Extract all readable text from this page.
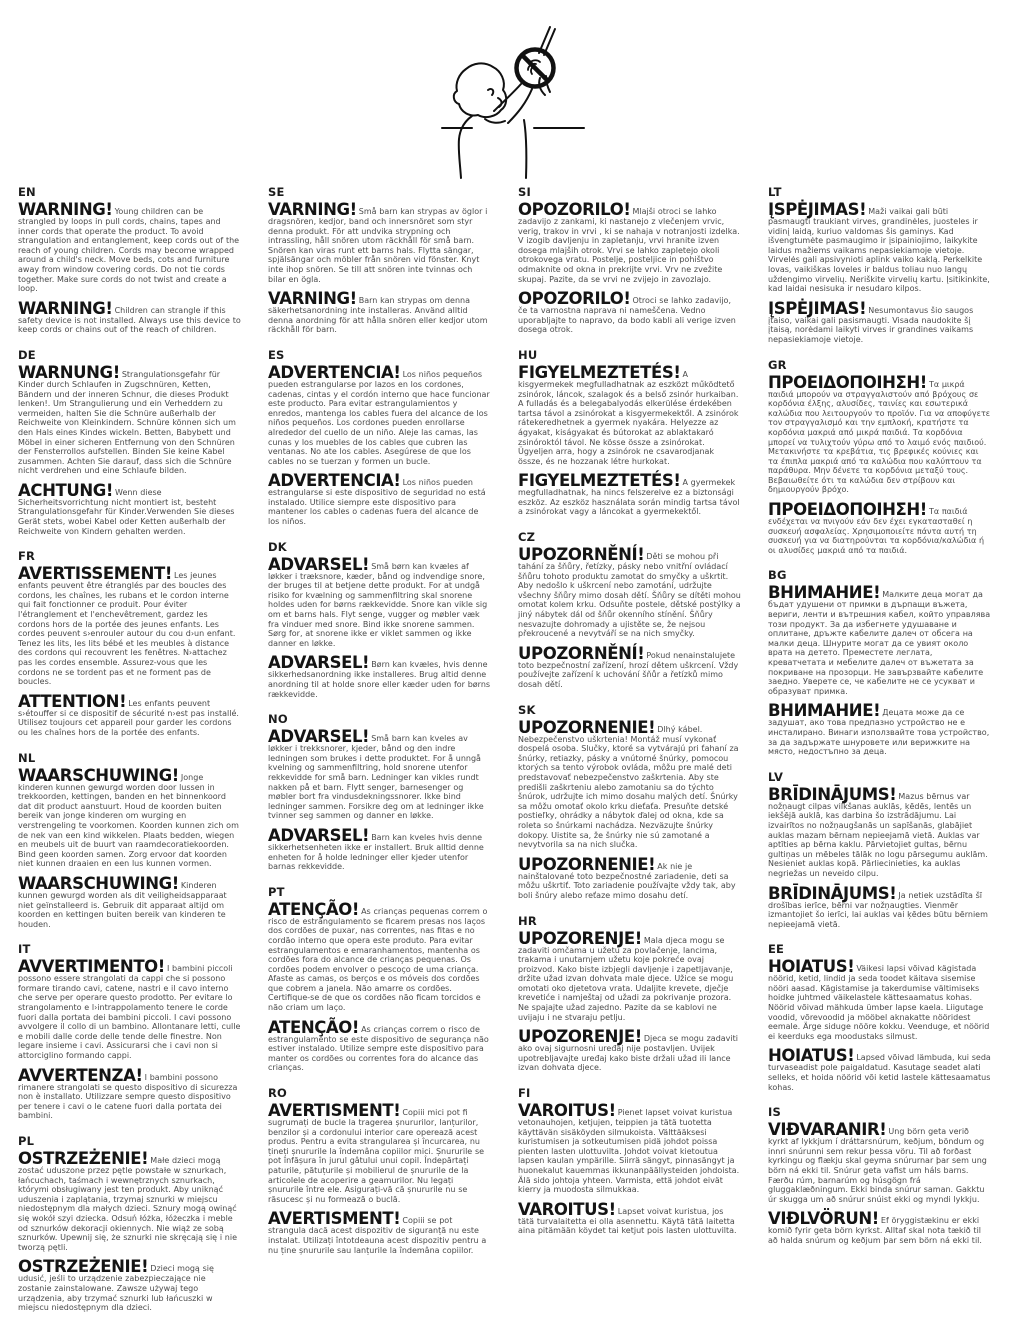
EN

WARNING! Young children can be strangled by loops in pull cords, chains, tapes and inner cords that operate the product. To avoid strangulation and entanglement, keep cords out of the reach of young children. Cords may become wrapped around a child's neck. Move beds, cots and furniture away from window covering cords. Do not tie cords together. Make sure cords do not twist and create a loop.

WARNING! Children can strangle if this safety device is not installed. Always use this device to keep cords or chains out of the reach of children.

DE

WARNUNG! Strangulationsgefahr für Kinder durch Schlaufen in Zugschnüren, Ketten, Bändern und der inneren Schnur, die dieses Produkt lenken!. Um Strangulierung und ein Verheddern zu vermeiden, halten Sie die Schnüre außerhalb der Reichweite von Kleinkindern. Schnüre können sich um den Hals eines Kindes wickeln. Betten, Babybett und Möbel in einer sicheren Entfernung von den Schnüren der Fensterrollos aufstellen. Binden Sie keine Kabel zusammen. Achten Sie darauf, dass sich die Schnüre nicht verdrehen und eine Schlaufe bilden.

ACHTUNG! Wenn diese Sicherheitsvorrichtung nicht montiert ist, besteht Strangulationsgefahr für Kinder.Verwenden Sie dieses Gerät stets, wobei Kabel oder Ketten außerhalb der Reichweite von Kindern gehalten werden.

FR

AVERTISSEMENT! Les jeunes enfants peuvent être étranglés par des boucles des cordons, les chaînes, les rubans et le cordon interne qui fait fonctionner ce produit. Pour éviter l'étranglement et l'enchevêtrement, gardez les cordons hors de la portée des jeunes enfants. Les cordes peuvent s›enrouler autour du cou d›un enfant. Tenez les lits, les lits bébé et les meubles à distance des cordons qui recouvrent les fenêtres. N›attachez pas les cordes ensemble. Assurez-vous que les cordons ne se tordent pas et ne forment pas de boucles.

ATTENTION! Les enfants peuvent s›étouffer si ce dispositif de sécurité n›est pas installé. Utilisez toujours cet appareil pour garder les cordons ou les chaînes hors de la portée des enfants.

NL

WAARSCHUWING! Jonge kinderen kunnen gewurgd worden door lussen in trekkoorden, kettingen, banden en het binnenkoord dat dit product aanstuurt. Houd de koorden buiten bereik van jonge kinderen om wurging en verstrengeling te voorkomen. Koorden kunnen zich om de nek van een kind wikkelen. Plaats bedden, wiegen en meubels uit de buurt van raamdecoratiekoorden. Bind geen koorden samen. Zorg ervoor dat koorden niet kunnen draaien en een lus kunnen vormen.

WAARSCHUWING! Kinderen kunnen gewurgd worden als dit veiligheidsapparaat niet geïnstalleerd is. Gebruik dit apparaat altijd om koorden en kettingen buiten bereik van kinderen te houden.

IT

AVVERTIMENTO! I bambini piccoli possono essere strangolati da cappi che si possono formare tirando cavi, catene, nastri e il cavo interno che serve per operare questo prodotto. Per evitare lo strangolamento e l›intrappolamento tenere le corde fuori dalla portata dei bambini piccoli. I cavi possono avvolgere il collo di un bambino. Allontanare letti, culle e mobili dalle corde delle tende delle finestre. Non legare insieme i cavi. Assicurarsi che i cavi non si attorciglino formando cappi.

AVVERTENZA! I bambini possono rimanere strangolati se questo dispositivo di sicurezza non è installato. Utilizzare sempre questo dispositivo per tenere i cavi o le catene fuori dalla portata dei bambini.

PL

OSTRZEŻENIE! Małe dzieci mogą zostać uduszone przez pętle powstałe w sznurkach, łańcuchach, taśmach i wewnętrznych sznurkach, którymi obsługiwany jest ten produkt. Aby uniknąć uduszenia i zaplątania, trzymaj sznurki w miejscu niedostępnym dla małych dzieci. Sznury mogą owinąć się wokół szyi dziecka. Odsuń łóżka, łóżeczka i meble od sznurków dekoracji okiennych. Nie wiąż ze sobą sznurków. Upewnij się, że sznurki nie skręcają się i nie tworzą pętli.

OSTRZEŻENIE! Dzieci mogą się udusić, jeśli to urządzenie zabezpieczające nie zostanie zainstalowane. Zawsze używaj tego urządzenia, aby trzymać sznurki lub łańcuszki w miejscu niedostępnym dla dzieci.

SE

VARNING! Små barn kan strypas av öglor i dragsnören, kedjor, band och innersnöret som styr denna produkt. För att undvika strypning och intrassling, håll snören utom räckhåll för små barn. Snören kan viras runt ett barns hals. Flytta sängar, spjälsängar och möbler från snören vid fönster. Knyt inte ihop snören. Se till att snören inte tvinnas och bilar en ögla.

VARNING! Barn kan strypas om denna säkerhetsanordning inte installeras. Använd alltid denna anordning för att hålla snören eller kedjor utom räckhåll för barn.

ES

ADVERTENCIA! Los niños pequeños pueden estrangularse por lazos en los cordones, cadenas, cintas y el cordón interno que hace funcionar este producto. Para evitar estrangulamientos y enredos, mantenga los cables fuera del alcance de los niños pequeños. Los cordones pueden enrollarse alrededor del cuello de un niño. Aleje las camas, las cunas y los muebles de los cables que cubren las ventanas. No ate los cables. Asegúrese de que los cables no se tuerzan y formen un bucle.

ADVERTENCIA! Los niños pueden estrangularse si este dispositivo de seguridad no está instalado. Utilice siempre este dispositivo para mantener los cables o cadenas fuera del alcance de los niños.

DK

ADVARSEL! Små børn kan kvæles af løkker i træksnore, kæder, bånd og indvendige snore, der bruges til at betjene dette produkt. For at undgå risiko for kvælning og sammenfiltring skal snorene holdes uden for børns rækkevidde. Snore kan vikle sig om et barns hals. Flyt senge, vugger og møbler væk fra vinduer med snore. Bind ikke snorene sammen. Sørg for, at snorene ikke er viklet sammen og ikke danner en løkke.

ADVARSEL! Børn kan kvæles, hvis denne sikkerhedsanordning ikke installeres. Brug altid denne anordning til at holde snore eller kæder uden for børns rækkevidde.

NO

ADVARSEL! Små barn kan kveles av løkker i trekksnorer, kjeder, bånd og den indre ledningen som brukes i dette produktet. For å unngå kvelning og sammenfiltring, hold snorene utenfor rekkevidde for små barn. Ledninger kan vikles rundt nakken på et barn. Flytt senger, barnesenger og møbler bort fra vindusdekningssnorer. Ikke bind ledninger sammen. Forsikre deg om at ledninger ikke tvinner seg sammen og danner en løkke.

ADVARSEL! Barn kan kveles hvis denne sikkerhetsenheten ikke er installert. Bruk alltid denne enheten for å holde ledninger eller kjeder utenfor barnas rekkevidde.

PT

ATENÇÃO! As crianças pequenas correm o risco de estrangulamento se ficarem presas nos laços dos cordões de puxar, nas correntes, nas fitas e no cordão interno que opera este produto. Para evitar estrangulamentos e emaranhamentos, mantenha os cordões fora do alcance de crianças pequenas. Os cordões podem envolver o pescoço de uma criança. Afaste as camas, os berços e os móveis dos cordões que cobrem a janela. Não amarre os cordões. Certifique-se de que os cordões não ficam torcidos e não criam um laço.

ATENÇÃO! As crianças correm o risco de estrangulamento se este dispositivo de segurança não estiver instalado. Utilize sempre este dispositivo para manter os cordões ou correntes fora do alcance das crianças.

RO

AVERTISMENT! Copiii mici pot fi sugrumați de bucle la tragerea șnururilor, lanțurilor, benzilor și a cordonului interior care operează acest produs. Pentru a evita strangularea și încurcarea, nu țineți șnururile la îndemâna copiilor mici. Șnururile se pot înfășura în jurul gâtului unui copil. Îndepărtați paturile, pătuțurile și mobilierul de șnururile de la articolele de acoperire a geamurilor. Nu legați șnururile între ele. Asigurați-vă că șnururile nu se răsucesc și nu formează o buclă.

AVERTISMENT! Copiii se pot strangula dacă acest dispozitiv de siguranță nu este instalat. Utilizați întotdeauna acest dispozitiv pentru a nu ține șnururile sau lanțurile la îndemâna copiilor.

SI

OPOZORILO! Mlajši otroci se lahko zadavijo z zankami, ki nastanejo z vlečenjem vrvic, verig, trakov in vrvi , ki se nahaja v notranjosti izdelka. V izogib davljenju in zapletanju, vrvi hranite izven dosega mlajših otrok. Vrvi se lahko zapletejo okoli otrokovega vratu. Postelje, posteljice in pohištvo odmaknite od okna in prekrijte vrvi. Vrv ne zvežite skupaj. Pazite, da se vrvi ne zvijejo in zavozlajo.

OPOZORILO! Otroci se lahko zadavijo, če ta varnostna naprava ni nameščena. Vedno uporabljajte to napravo, da bodo kabli ali verige izven dosega otrok.

HU

FIGYELMEZTETÉS! A kisgyermekek megfulladhatnak az eszközt működtető zsinórok, láncok, szalagok és a belső zsinór hurkaiban. A fulladás és a belegabalyodás elkerülése érdekében tartsa távol a zsinórokat a kisgyermekektől. A zsinórok rátekeredhetnek a gyermek nyakára. Helyezze az ágyakat, kiságyakat és bútorokat az ablaktakaró zsinóroktól távol. Ne kösse össze a zsinórokat. Ügyeljen arra, hogy a zsinórok ne csavarodjanak össze, és ne hozzanak létre hurkokat.

FIGYELMEZTETÉS! A gyermekek megfulladhatnak, ha nincs felszerelve ez a biztonsági eszköz. Az eszköz használata során mindig tartsa távol a zsinórokat vagy a láncokat a gyermekektől.

CZ

UPOZORNĚNÍ! Děti se mohou při tahání za šňůry, řetízky, pásky nebo vnitřní ovládací šňůru tohoto produktu zamotat do smyčky a uškrtit. Aby nedošlo k uškrcení nebo zamotání, udržujte všechny šňůry mimo dosah dětí. Šňůry se dítěti mohou omotat kolem krku. Odsuňte postele, dětské postýlky a jiný nábytek dál od šňůr okenního stínění. Šňůry nesvazujte dohromady a ujistěte se, že nejsou překroucené a nevytváří se na nich smyčky.

UPOZORNĚNÍ! Pokud nenainstalujete toto bezpečnostní zařízení, hrozí dětem uškrcení. Vždy používejte zařízení k uchování šňůr a řetízků mimo dosah dětí.

SK

UPOZORNENIE! Dlhý kábel. Nebezpečenstvo uškrtenia! Montáž musí vykonať dospelá osoba. Slučky, ktoré sa vytvárajú pri ťahaní za šnúrky, retiazky, pásky a vnútorné šnúrky, pomocou ktorých sa tento výrobok ovláda, môžu pre malé deti predstavovať nebezpečenstvo zaškrtenia. Aby ste predišli zaškrteniu alebo zamotaniu sa do týchto šnúrok, udržujte ich mimo dosahu malých detí. Šnúrky sa môžu omotať okolo krku dieťaťa. Presuňte detské postieľky, ohrádky a nábytok ďalej od okna, kde sa roleta so šnúrkami nachádza. Nezväzujte šnúrky dokopy. Uistite sa, že šnúrky nie sú zamotané a nevytvorila sa na nich slučka.

UPOZORNENIE! Ak nie je nainštalované toto bezpečnostné zariadenie, deti sa môžu uškrtiť. Toto zariadenie používajte vždy tak, aby boli šnúry alebo reťaze mimo dosahu detí.

HR

UPOZORENJE! Mala djeca mogu se zadaviti omčama u užetu za povlačenje, lancima, trakama i unutarnjem užetu koje pokreće ovaj proizvod. Kako biste izbjegli davljenje i zapetljavanje, držite užad izvan dohvata male djece. Užice se mogu omotati oko djetetova vrata. Udaljite krevete, dječje krevetiće i namještaj od užadi za pokrivanje prozora. Ne spajajte užad zajedno. Pazite da se kablovi ne uvijaju i ne stvaraju petlju.

UPOZORENJE! Djeca se mogu zadaviti ako ovaj sigurnosni uređaj nije postavljen. Uvijek upotrebljavajte uređaj kako biste držali užad ili lance izvan dohvata djece.

FI

VAROITUS! Pienet lapset voivat kuristua vetonauhojen, ketjujen, teippien ja tätä tuotetta käyttävän sisäköyden silmukoista. Välttääksesi kuristumisen ja sotkeutumisen pidä johdot poissa pienten lasten ulottuvilta. Johdot voivat kietoutua lapsen kaulan ympärille. Siirrä sängyt, pinnasängyt ja huonekalut kauemmas ikkunanpäällysteiden johdoista. Älä sido johtoja yhteen. Varmista, että johdot eivät kierry ja muodosta silmukkaa.

VAROITUS! Lapset voivat kuristua, jos tätä turvalaitetta ei olla asennettu. Käytä tätä laitetta aina pitämään köydet tai ketjut pois lasten ulottuvilta.

LT

ĮSPĖJIMAS! Maži vaikai gali būti pasmaugti traukiant virves, grandinėles, juosteles ir vidinį laidą, kuriuo valdomas šis gaminys. Kad išvengtumėte pasmaugimo ir įsipainiojimo, laikykite laidus mažiems vaikams nepasiekiamoje vietoje. Virvelės gali apsivynioti aplink vaiko kaklą. Perkelkite lovas, vaikiškas loveles ir baldus toliau nuo langų uždengimo virvelių. Neriškite virvelių kartu. Įsitikinkite, kad laidai nesisuka ir nesudaro kilpos.

ĮSPĖJIMAS! Nesumontavus šio saugos įtaiso, vaikai gali pasismaugti. Visada naudokite šį įtaisą, norėdami laikyti virves ir grandines vaikams nepasiekiamoje vietoje.

GR

ΠΡΟΕΙΔΟΠΟΙΗΣΗ! Τα μικρά παιδιά μπορούν να στραγγαλιστούν από βρόχους σε κορδόνια έλξης, αλυσίδες, ταινίες και εσωτερικά καλώδια που λειτουργούν το προϊόν. Για να αποφύγετε τον στραγγαλισμό και την εμπλοκή, κρατήστε τα κορδόνια μακριά από μικρά παιδιά. Τα κορδόνια μπορεί να τυλιχτούν γύρω από το λαιμό ενός παιδιού. Μετακινήστε τα κρεβάτια, τις βρεφικές κούνιες και τα έπιπλα μακριά από τα καλώδια που καλύπτουν τα παράθυρα. Μην δένετε τα κορδόνια μεταξύ τους. Βεβαιωθείτε ότι τα καλώδια δεν στρίβουν και δημιουργούν βρόχο.

ΠΡΟΕΙΔΟΠΟΙΗΣΗ! Τα παιδιά ενδέχεται να πνιγούν εάν δεν έχει εγκατασταθεί η συσκευή ασφαλείας. Χρησιμοποιείτε πάντα αυτή τη συσκευή για να διατηρούνται τα κορδόνια/καλώδια ή οι αλυσίδες μακριά από τα παιδιά.

BG

ВНИМАНИЕ! Малките деца могат да бъдат удушени от примки в дърпащи въжета, вериги, ленти и вътрешния кабел, който управлява този продукт. За да избегнете удушаване и оплитане, дръжте кабелите далеч от обсега на малки деца. Шнурите могат да се увият около врата на детето. Преместете леглата, креватчетата и мебелите далеч от въжетата за покриване на прозорци. Не завързвайте кабелите заедно. Уверете се, че кабелите не се усукват и образуват примка.

ВНИМАНИЕ! Децата може да се задушат, ако това предпазно устройство не е инсталирано. Винаги използвайте това устройство, за да задържате шнуровете или верижките на място, недостъпно за деца.

LV

BRĪDINĀJUMS! Mazus bērnus var nožņaugt cilpas vilkšanas auklās, ķēdēs, lentēs un iekšējā auklā, kas darbina šo izstrādājumu. Lai izvairītos no nožņaugšanās un sapīšanās, glabājiet auklas mazam bērnam nepieejamā vietā. Auklas var aptīties ap bērna kaklu. Pārvietojiet gultas, bērnu gultiņas un mēbeles tālāk no logu pārsegumu auklām. Nesieniet auklas kopā. Pārliecinieties, ka auklas negriežas un neveido cilpu.

BRĪDINĀJUMS! Ja netiek uzstādīta šī drošības ierīce, bērni var nožņaugties. Vienmēr izmantojiet šo ierīci, lai auklas vai ķēdes būtu bērniem nepieejamā vietā.

EE

HOIATUS! Väikesi lapsi võivad kägistada nöörid, ketid, lindid ja seda toodet käitava sisemise nööri aasad. Kägistamise ja takerdumise vältimiseks hoidke juhtmed väikelastele kättesaamatus kohas. Nöörid võivad mähkuda ümber lapse kaela. Liigutage voodid, võrevoodid ja mööbel aknakatte nööridest eemale. Ärge siduge nööre kokku. Veenduge, et nöörid ei keerduks ega moodustaks silmust.

HOIATUS! Lapsed võivad lämbuda, kui seda turvaseadist pole paigaldatud. Kasutage seadet alati selleks, et hoida nöörid või ketid lastele kättesaamatus kohas.

IS

VIÐVARANIR! Ung börn geta verið kyrkt af lykkjum í dráttarsnúrum, keðjum, böndum og innri snúrunni sem rekur þessa vöru. Til að forðast kyrkingu og flækju skal geyma snúrurnar þar sem ung börn ná ekki til. Snúrur geta vafist um háls barns. Færðu rúm, barnarúm og húsgögn frá gluggaklæðningum. Ekki binda snúrur saman. Gakktu úr skugga um að snúrur snúist ekki og myndi lykkju.

VIÐLVÖRUN! Ef öryggistækinu er ekki komið fyrir geta börn kyrkst. Alltaf skal nota tækið til að halda snúrum og keðjum þar sem börn ná ekki til.
